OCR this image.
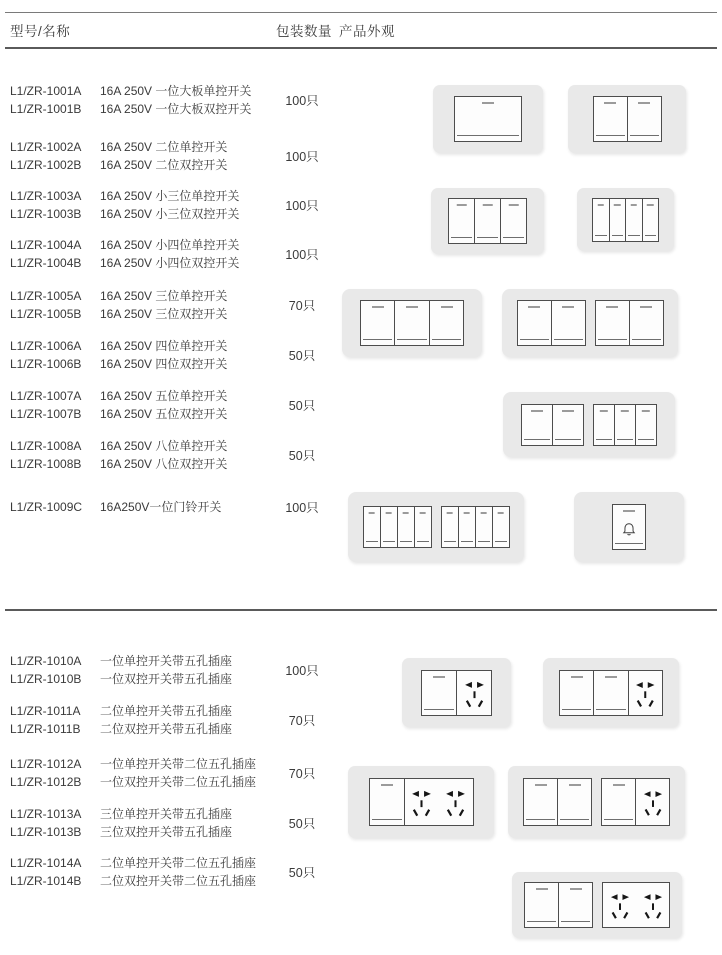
型号/名称	包装数量 产品外观
L1/ZR-1001A 16A 250V 一位大板单控开关
L1/ZR-1001B 16A 250V 一位大板双控开关
100只
L1/ZR-1002A 16A 250V 二位单控开关
L1/ZR-1002B 16A 250V 二位双控开关
100只
L1/ZR-1003A 16A 250V 小三位单控开关
L1/ZR-1003B 16A 250V 小三位双控开关
100只
L1/ZR-1004A 16A 250V 小四位单控开关
L1/ZR-1004B 16A 250V 小四位双控开关
100只
L1/ZR-1005A 16A 250V 三位单控开关
L1/ZR-1005B 16A 250V 三位双控开关
70只
L1/ZR-1006A 16A 250V 四位单控开关
L1/ZR-1006B 16A 250V 四位双控开关
50只
L1/ZR-1007A 16A 250V 五位单控开关
L1/ZR-1007B 16A 250V 五位双控开关
50只
L1/ZR-1008A 16A 250V 八位单控开关
L1/ZR-1008B 16A 250V 八位双控开关
50只
L1/ZR-1009C 16A250V一位门铃开关	100只
L1/ZR-1010A 一位单控开关带五孔插座
L1/ZR-1010B 一位双控开关带五孔插座
100只
L1/ZR-1011A 二位单控开关带五孔插座
L1/ZR-1011B 二位双控开关带五孔插座
70只
L1/ZR-1012A 一位单控开关带二位五孔插座
L1/ZR-1012B 一位双控开关带二位五孔插座
70只
L1/ZR-1013A 三位单控开关带五孔插座
L1/ZR-1013B 三位双控开关带五孔插座
50只
L1/ZR-1014A 二位单控开关带二位五孔插座
L1/ZR-1014B 二位双控开关带二位五孔插座
50只
